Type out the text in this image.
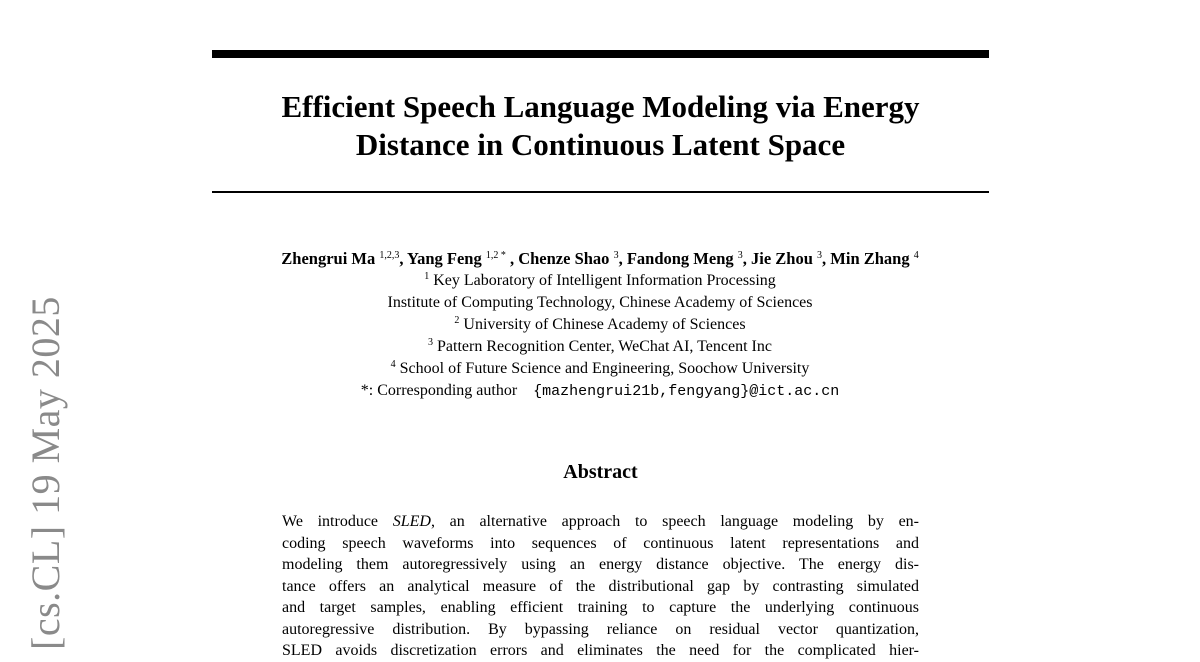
[cs.CL] 19 May 2025
Efficient Speech Language Modeling via Energy
Distance in Continuous Latent Space
Zhengrui Ma $^{1,2,3}$, Yang Feng $^{1,2 *}$ , Chenze Shao $^3$, Fandong Meng $^3$, Jie Zhou $^3$, Min Zhang $^4$
$^1$ Key Laboratory of Intelligent Information Processing
Institute of Computing Technology, Chinese Academy of Sciences
$^2$ University of Chinese Academy of Sciences
$^3$ Pattern Recognition Center, WeChat AI, Tencent Inc
$^4$ School of Future Science and Engineering, Soochow University
*: Corresponding author {mazhengrui21b,fengyang}@ict.ac.cn
Abstract
We introduce SLED, an alternative approach to speech language modeling by en-
coding speech waveforms into sequences of continuous latent representations and
modeling them autoregressively using an energy distance objective. The energy dis-
tance offers an analytical measure of the distributional gap by contrasting simulated
and target samples, enabling efficient training to capture the underlying continuous
autoregressive distribution. By bypassing reliance on residual vector quantization,
SLED avoids discretization errors and eliminates the need for the complicated hier-
